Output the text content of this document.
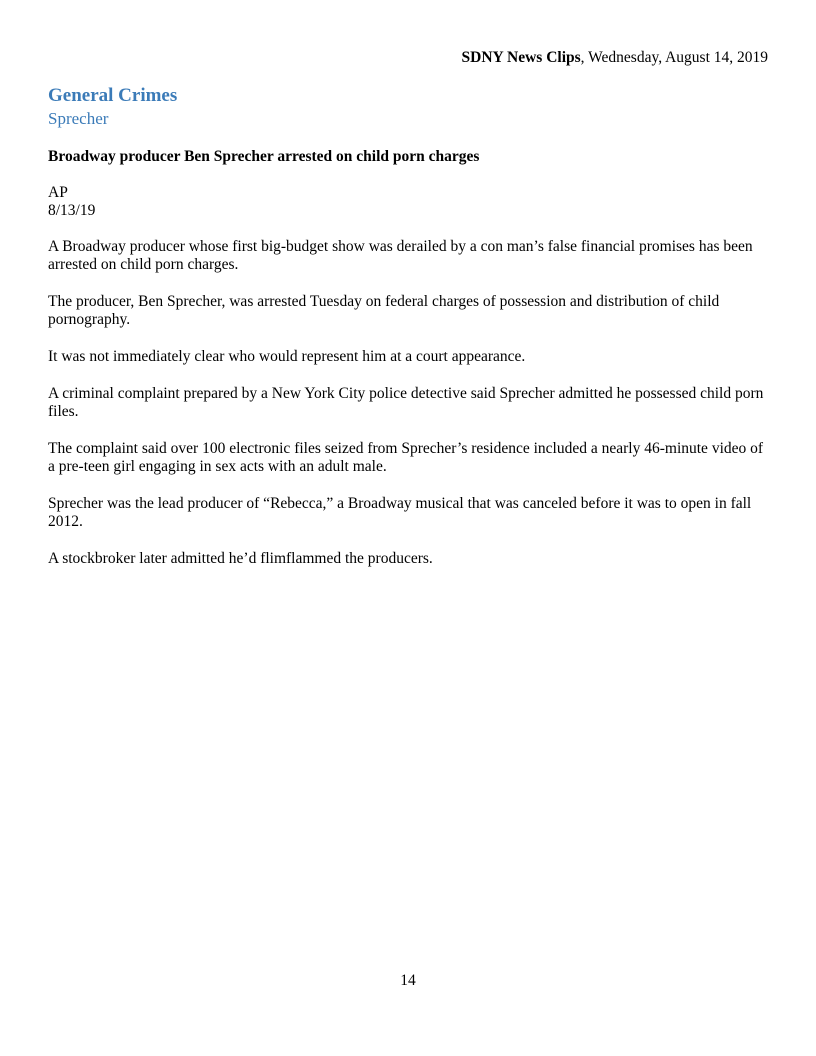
SDNY News Clips, Wednesday, August 14, 2019
General Crimes
Sprecher

Broadway producer Ben Sprecher arrested on child porn charges

AP

8/13/19

A Broadway producer whose first big-budget show was derailed by a con man’s false financial promises has been arrested on child porn charges.

The producer, Ben Sprecher, was arrested Tuesday on federal charges of possession and distribution of child pornography.

It was not immediately clear who would represent him at a court appearance.

A criminal complaint prepared by a New York City police detective said Sprecher admitted he possessed child porn files.

The complaint said over 100 electronic files seized from Sprecher’s residence included a nearly 46-minute video of a pre-teen girl engaging in sex acts with an adult male.

Sprecher was the lead producer of “Rebecca,” a Broadway musical that was canceled before it was to open in fall 2012.

A stockbroker later admitted he’d flimflammed the producers.

14
